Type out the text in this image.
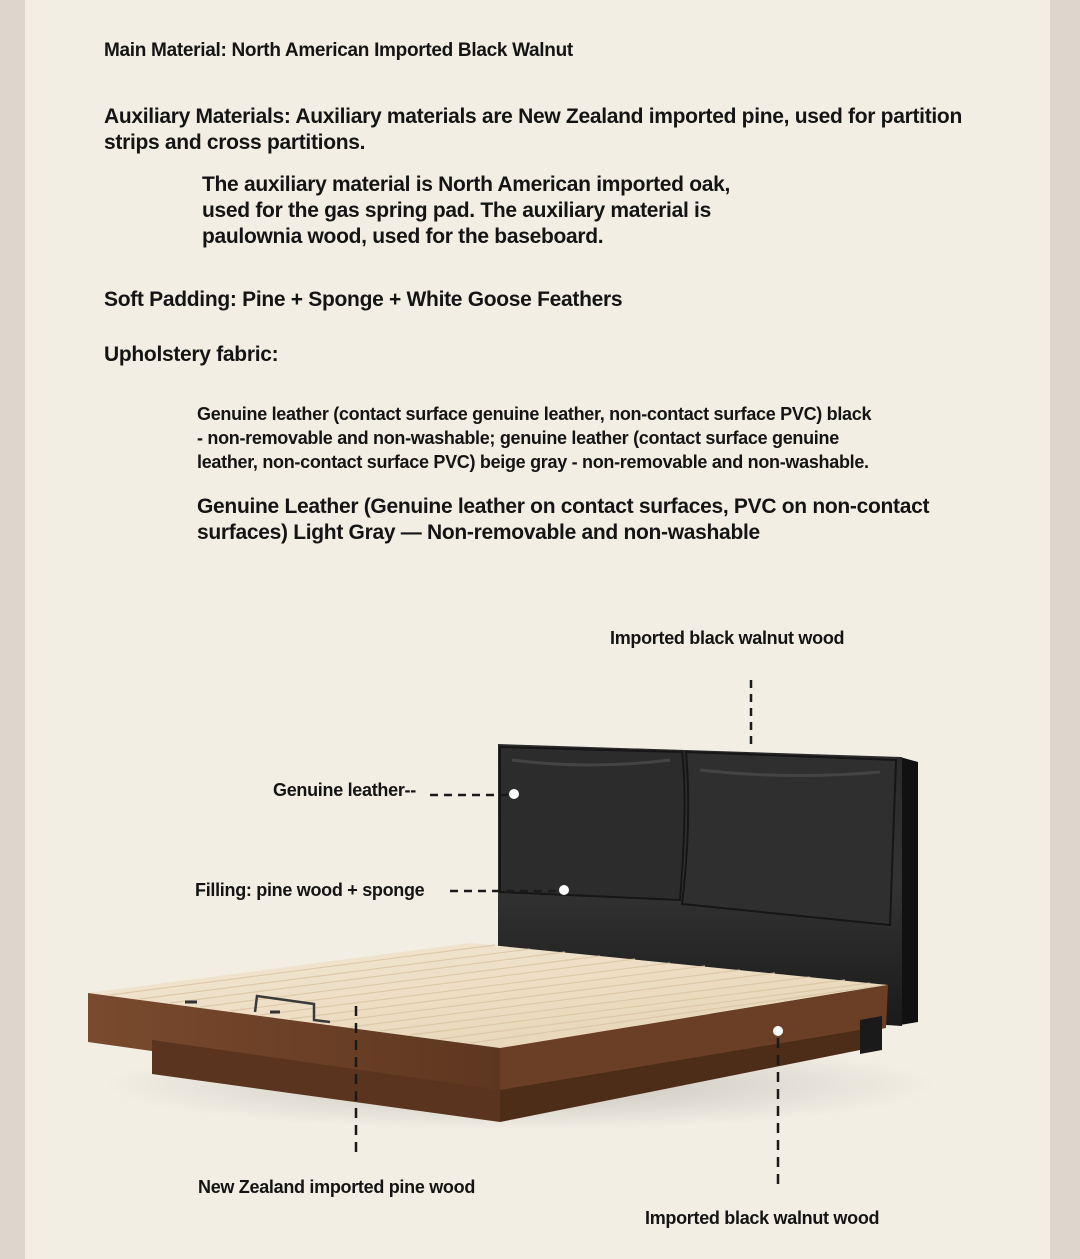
Main Material: North American Imported Black Walnut

Auxiliary Materials: Auxiliary materials are New Zealand imported pine, used for partition
strips and cross partitions.
The auxiliary material is North American imported oak,
used for the gas spring pad. The auxiliary material is
paulownia wood, used for the baseboard.

Soft Padding: Pine + Sponge + White Goose Feathers

Upholstery fabric:

Genuine leather (contact surface genuine leather, non-contact surface PVC) black
- non-removable and non-washable; genuine leather (contact surface genuine
leather, non-contact surface PVC) beige gray - non-removable and non-washable.
Genuine Leather (Genuine leather on contact surfaces, PVC on non-contact
surfaces) Light Gray — Non-removable and non-washable

Imported black walnut wood

Genuine leather--

Filling: pine wood + sponge

New Zealand imported pine wood

Imported black walnut wood
